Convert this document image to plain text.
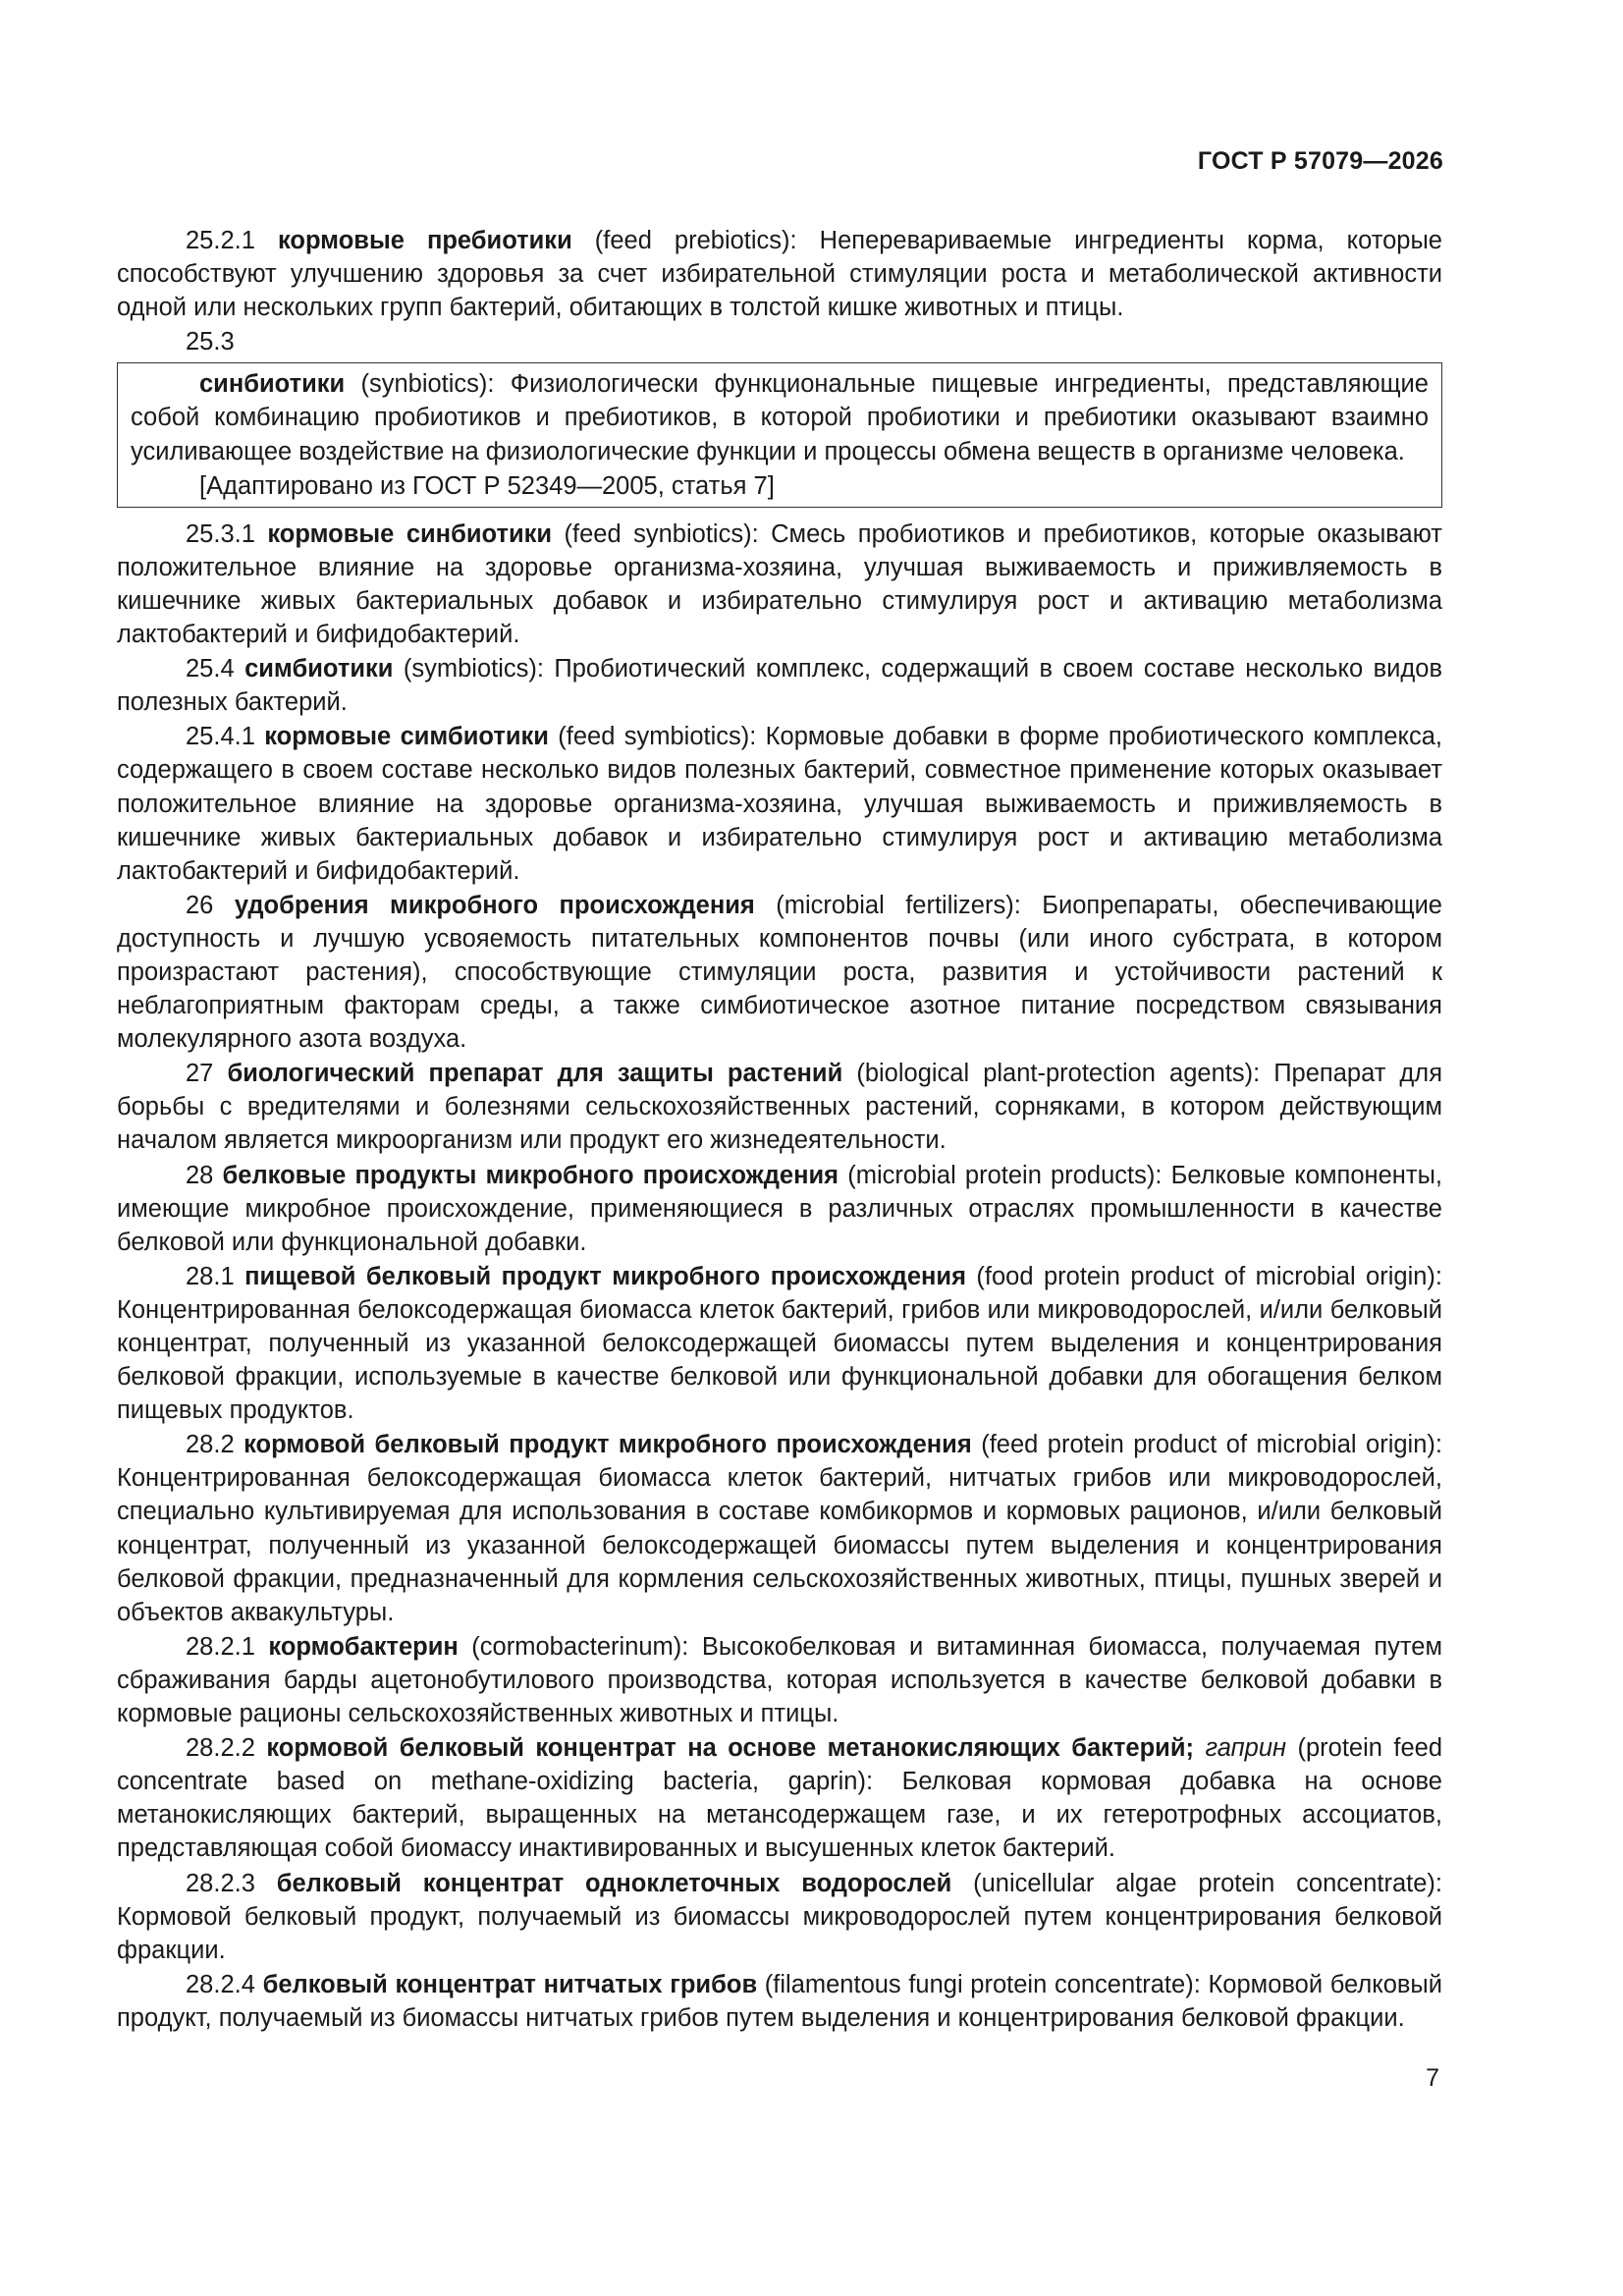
ГОСТ Р 57079—2026

25.2.1 кормовые пребиотики (feed prebiotics): Неперевариваемые ингредиенты корма, которые способствуют улучшению здоровья за счет избирательной стимуляции роста и метаболической активности одной или нескольких групп бактерий, обитающих в толстой кишке животных и птицы.

25.3

синбиотики (synbiotics): Физиологически функциональные пищевые ингредиенты, представляющие собой комбинацию пробиотиков и пребиотиков, в которой пробиотики и пребиотики оказывают взаимно усиливающее воздействие на физиологические функции и процессы обмена веществ в организме человека.

[Адаптировано из ГОСТ Р 52349—2005, статья 7]

25.3.1 кормовые синбиотики (feed synbiotics): Смесь пробиотиков и пребиотиков, которые оказывают положительное влияние на здоровье организма-хозяина, улучшая выживаемость и приживляемость в кишечнике живых бактериальных добавок и избирательно стимулируя рост и активацию метаболизма лактобактерий и бифидобактерий.

25.4 симбиотики (symbiotics): Пробиотический комплекс, содержащий в своем составе несколько видов полезных бактерий.

25.4.1 кормовые симбиотики (feed symbiotics): Кормовые добавки в форме пробиотического комплекса, содержащего в своем составе несколько видов полезных бактерий, совместное применение которых оказывает положительное влияние на здоровье организма-хозяина, улучшая выживаемость и приживляемость в кишечнике живых бактериальных добавок и избирательно стимулируя рост и активацию метаболизма лактобактерий и бифидобактерий.

26 удобрения микробного происхождения (microbial fertilizers): Биопрепараты, обеспечивающие доступность и лучшую усвояемость питательных компонентов почвы (или иного субстрата, в котором произрастают растения), способствующие стимуляции роста, развития и устойчивости растений к неблагоприятным факторам среды, а также симбиотическое азотное питание посредством связывания молекулярного азота воздуха.

27 биологический препарат для защиты растений (biological plant-protection agents): Препарат для борьбы с вредителями и болезнями сельскохозяйственных растений, сорняками, в котором действующим началом является микроорганизм или продукт его жизнедеятельности.

28 белковые продукты микробного происхождения (microbial protein products): Белковые компоненты, имеющие микробное происхождение, применяющиеся в различных отраслях промышленности в качестве белковой или функциональной добавки.

28.1 пищевой белковый продукт микробного происхождения (food protein product of microbial origin): Концентрированная белоксодержащая биомасса клеток бактерий, грибов или микроводорослей, и/или белковый концентрат, полученный из указанной белоксодержащей биомассы путем выделения и концентрирования белковой фракции, используемые в качестве белковой или функциональной добавки для обогащения белком пищевых продуктов.

28.2 кормовой белковый продукт микробного происхождения (feed protein product of microbial origin): Концентрированная белоксодержащая биомасса клеток бактерий, нитчатых грибов или микроводорослей, специально культивируемая для использования в составе комбикормов и кормовых рационов, и/или белковый концентрат, полученный из указанной белоксодержащей биомассы путем выделения и концентрирования белковой фракции, предназначенный для кормления сельскохозяйственных животных, птицы, пушных зверей и объектов аквакультуры.

28.2.1 кормобактерин (cormobacterinum): Высокобелковая и витаминная биомасса, получаемая путем сбраживания барды ацетонобутилового производства, которая используется в качестве белковой добавки в кормовые рационы сельскохозяйственных животных и птицы.

28.2.2 кормовой белковый концентрат на основе метанокисляющих бактерий; гаприн (protein feed concentrate based on methane-oxidizing bacteria, gaprin): Белковая кормовая добавка на основе метанокисляющих бактерий, выращенных на метансодержащем газе, и их гетеротрофных ассоциатов, представляющая собой биомассу инактивированных и высушенных клеток бактерий.

28.2.3 белковый концентрат одноклеточных водорослей (unicellular algae protein concentrate): Кормовой белковый продукт, получаемый из биомассы микроводорослей путем концентрирования белковой фракции.

28.2.4 белковый концентрат нитчатых грибов (filamentous fungi protein concentrate): Кормовой белковый продукт, получаемый из биомассы нитчатых грибов путем выделения и концентрирования белковой фракции.

7
